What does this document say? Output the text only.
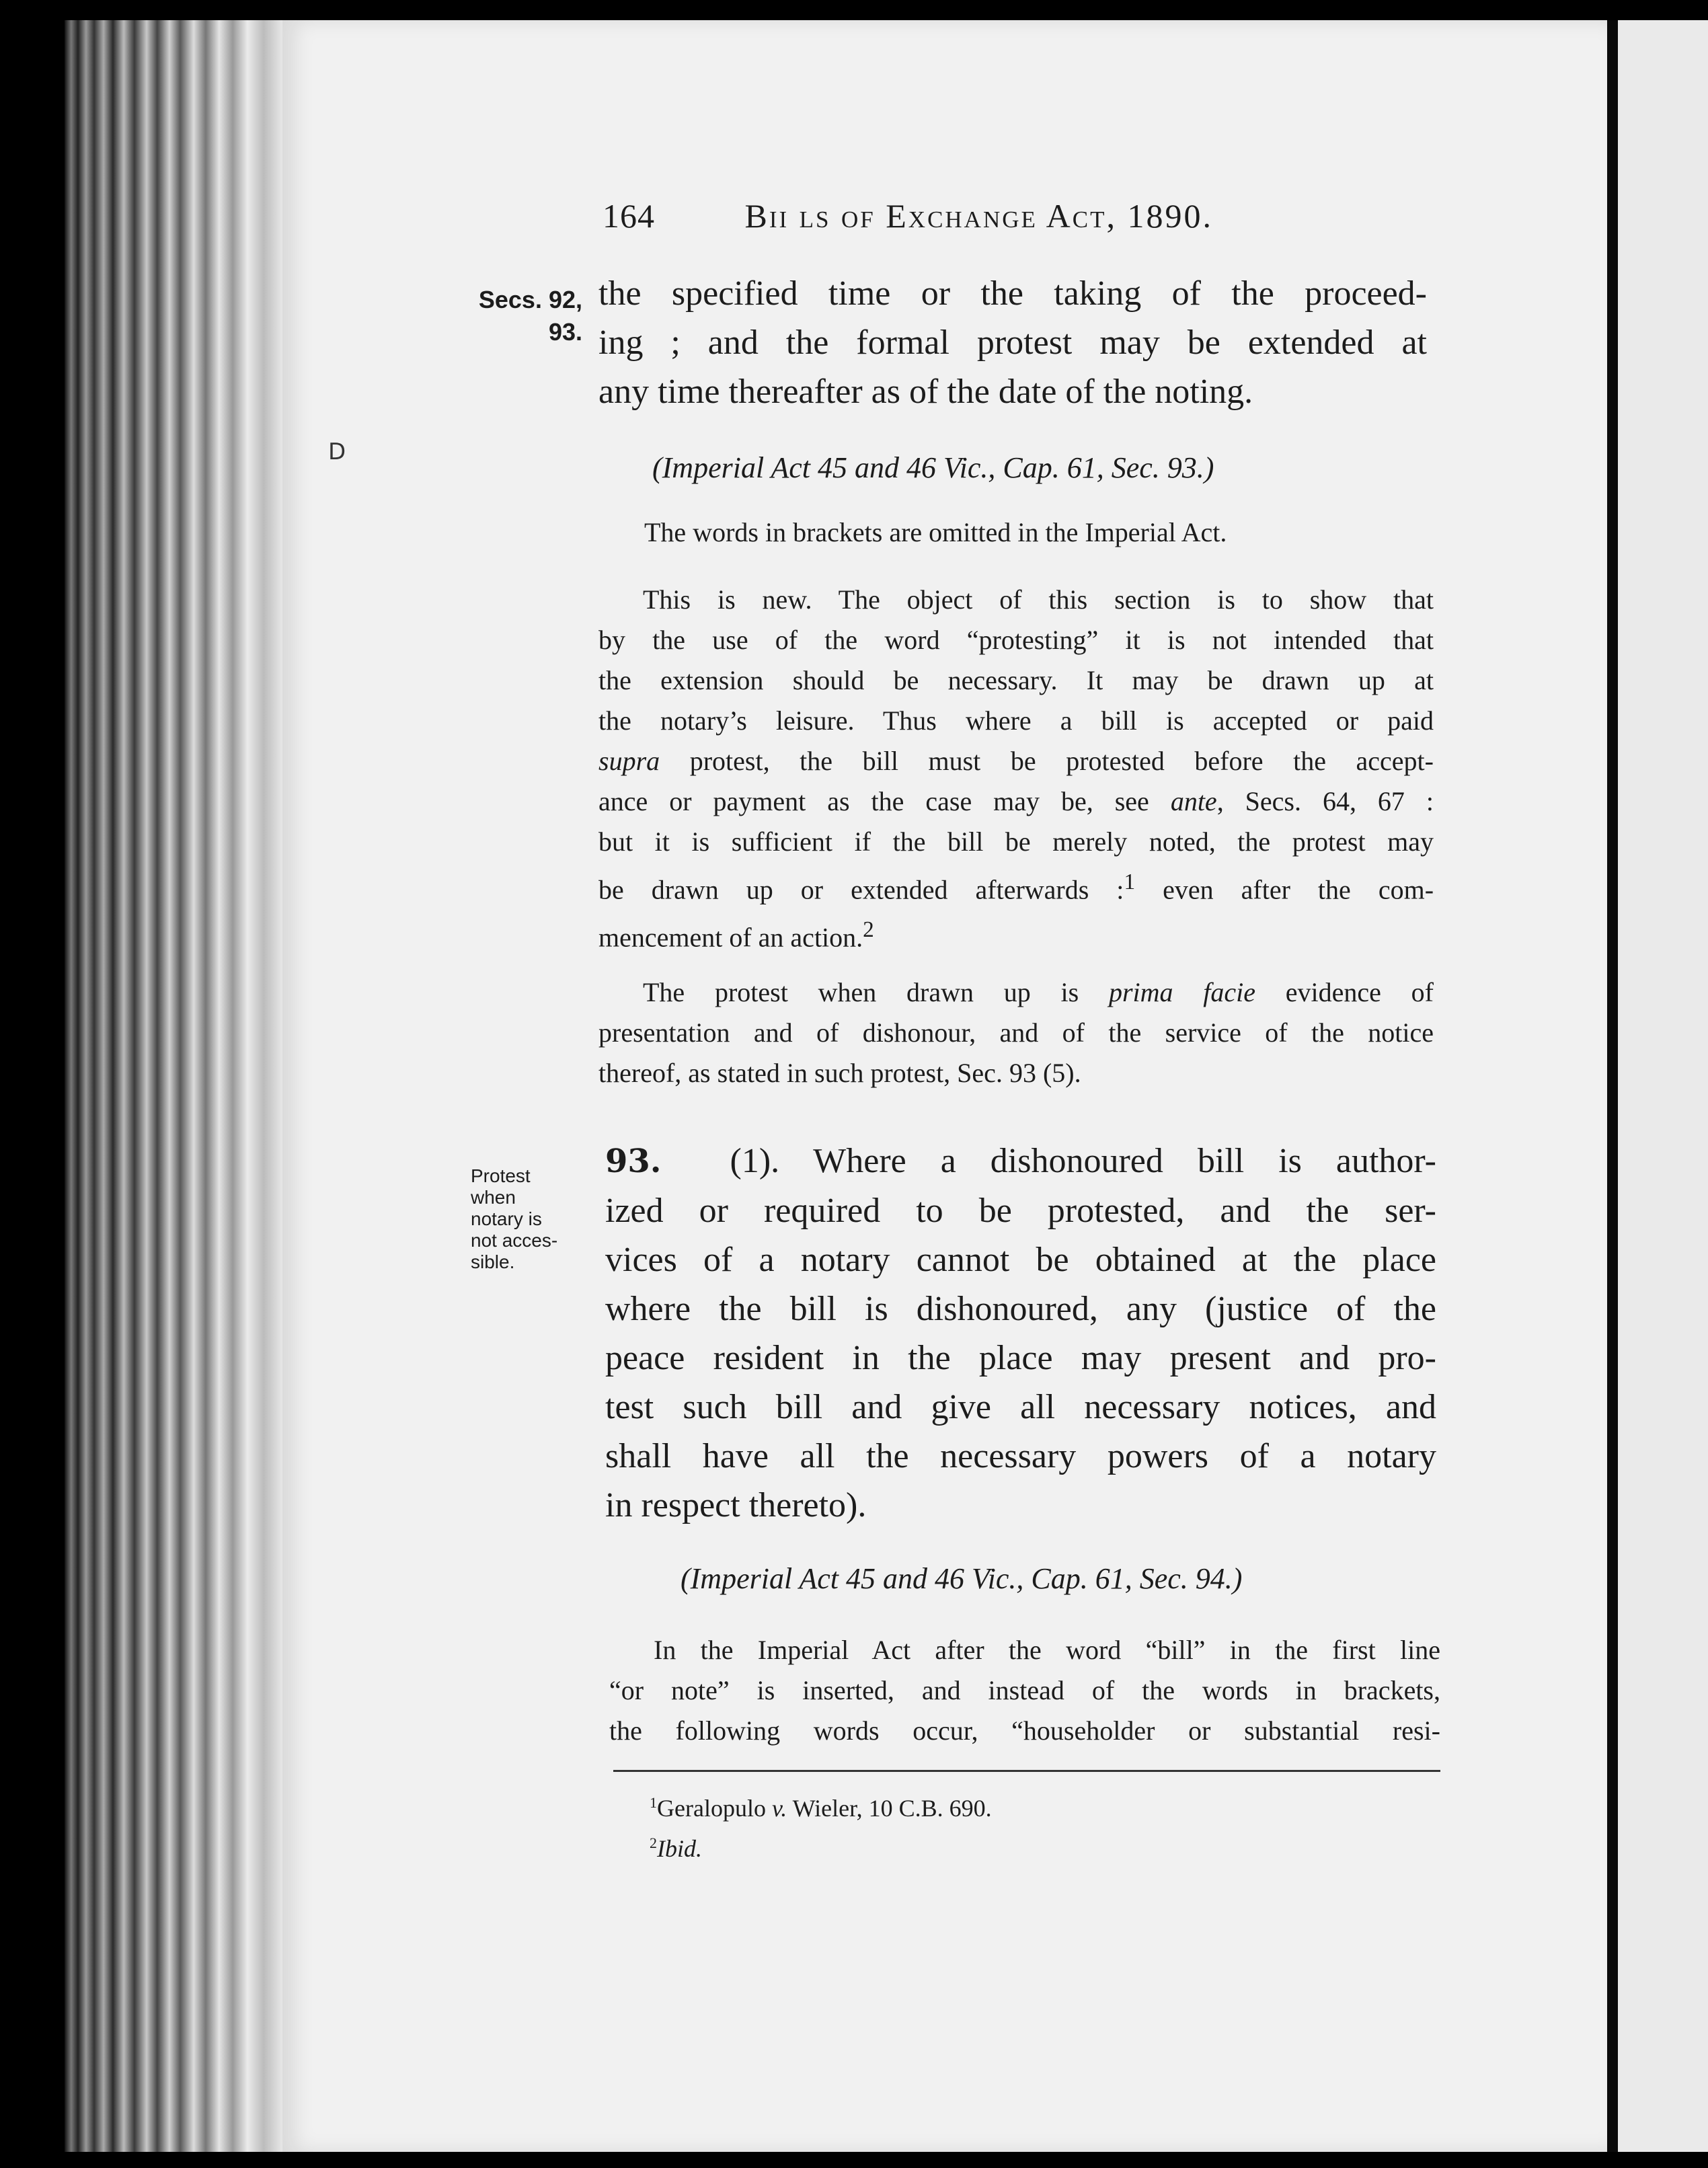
D
164	Bii ls of Exchange Act, 1890.
Secs. 92,
93.
Protest
when
notary is
not acces-
sible.
the specified time or the taking of the proceed-
ing ; and the formal protest may be extended at
any time thereafter as of the date of the noting.
(Imperial Act 45 and 46 Vic., Cap. 61, Sec. 93.)
The words in brackets are omitted in the Imperial Act.
This is new. The object of this section is to show that
by the use of the word “protesting” it is not intended that
the extension should be necessary. It may be drawn up at
the notary’s leisure. Thus where a bill is accepted or paid
supra protest, the bill must be protested before the accept-
ance or payment as the case may be, see ante, Secs. 64, 67 :
but it is sufficient if the bill be merely noted, the protest may
be drawn up or extended afterwards :$^1$ even after the com-
mencement of an action.$^2$
The protest when drawn up is prima facie evidence of
presentation and of dishonour, and of the service of the notice
thereof, as stated in such protest, Sec. 93 (5).
93. (1). Where a dishonoured bill is author-
ized or required to be protested, and the ser-
vices of a notary cannot be obtained at the place
where the bill is dishonoured, any (justice of the
peace resident in the place may present and pro-
test such bill and give all necessary notices, and
shall have all the necessary powers of a notary
in respect thereto).
(Imperial Act 45 and 46 Vic., Cap. 61, Sec. 94.)
In the Imperial Act after the word “bill” in the first line
“or note” is inserted, and instead of the words in brackets,
the following words occur, “householder or substantial resi-
$^1$Geralopulo v. Wieler, 10 C.B. 690.
$^2$Ibid.
